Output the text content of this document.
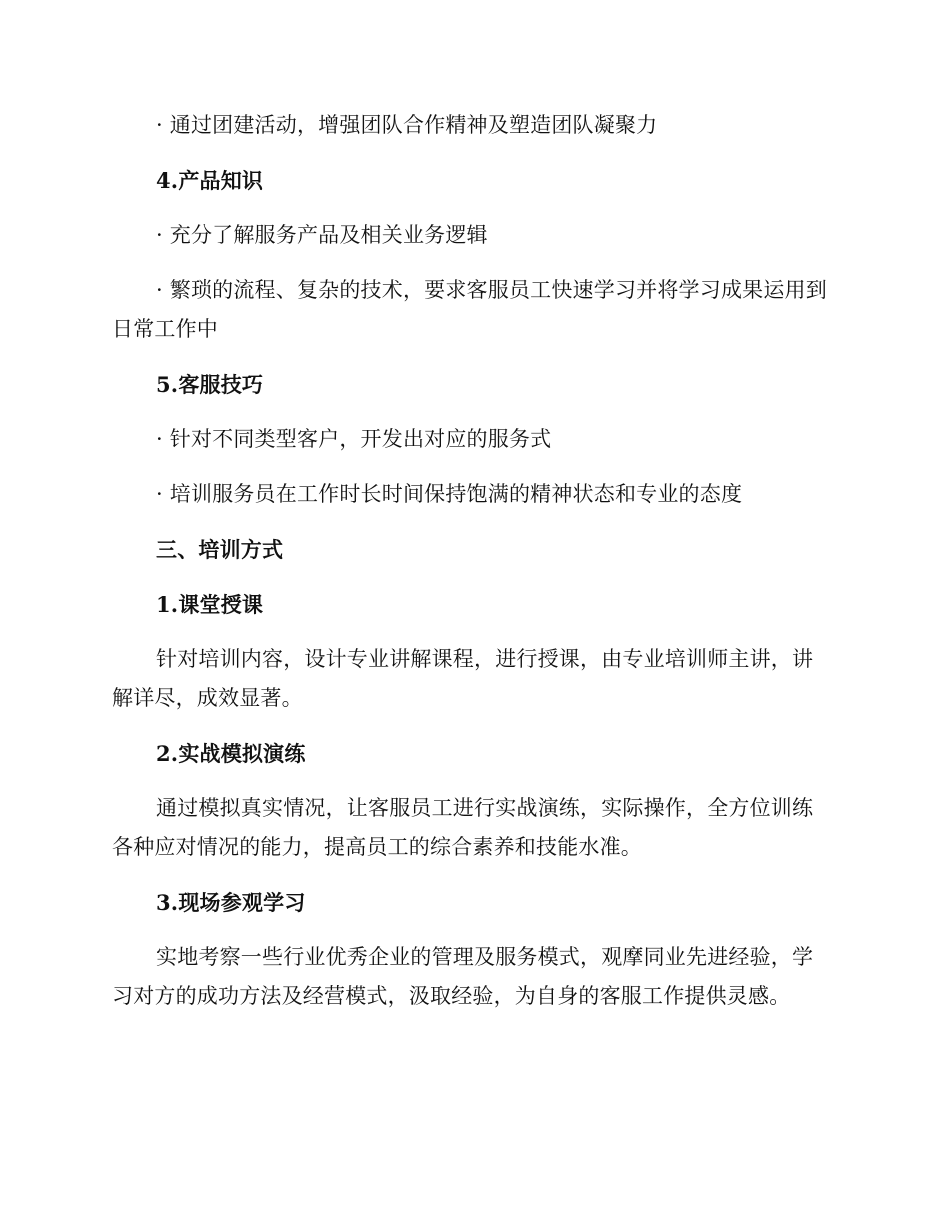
· 通过团建活动，增强团队合作精神及塑造团队凝聚力

4.产品知识

· 充分了解服务产品及相关业务逻辑

· 繁琐的流程、复杂的技术，要求客服员工快速学习并将学习成果运用到日常工作中

5.客服技巧

· 针对不同类型客户，开发出对应的服务式

· 培训服务员在工作时长时间保持饱满的精神状态和专业的态度

三、培训方式

1.课堂授课

针对培训内容，设计专业讲解课程，进行授课，由专业培训师主讲，讲解详尽，成效显著。

2.实战模拟演练

通过模拟真实情况，让客服员工进行实战演练，实际操作，全方位训练各种应对情况的能力，提高员工的综合素养和技能水准。

3.现场参观学习

实地考察一些行业优秀企业的管理及服务模式，观摩同业先进经验，学习对方的成功方法及经营模式，汲取经验，为自身的客服工作提供灵感。
